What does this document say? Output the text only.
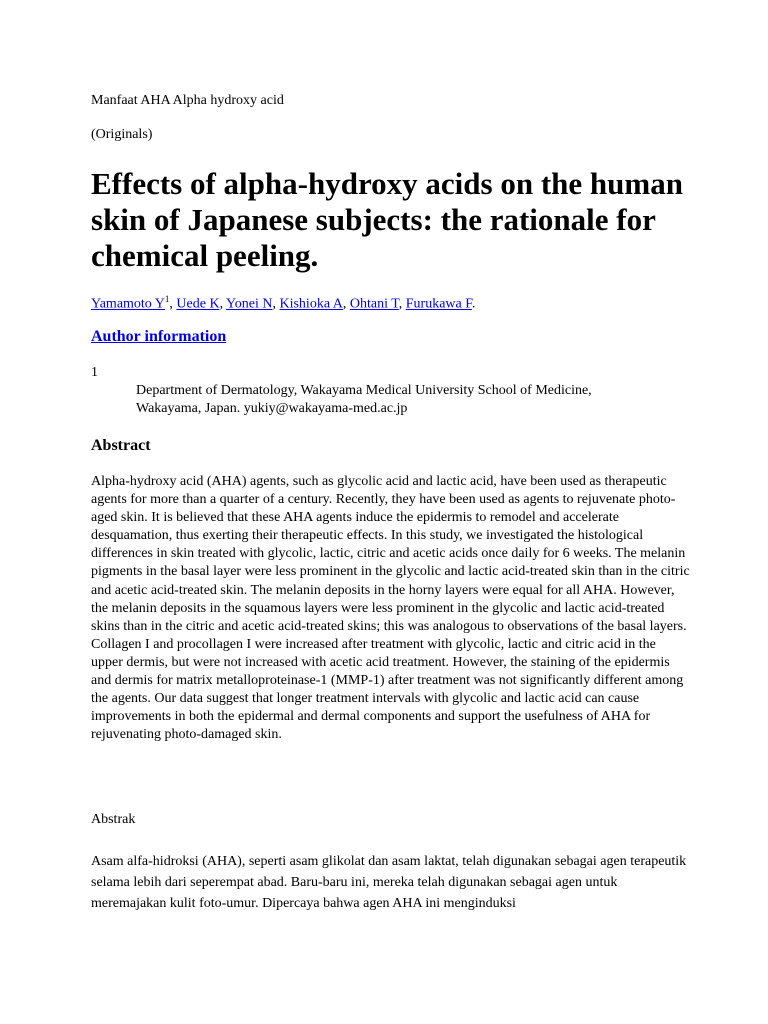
Manfaat AHA Alpha hydroxy acid

(Originals)

Effects of alpha-hydroxy acids on the human skin of Japanese subjects: the rationale for chemical peeling.

Yamamoto $Y^1$, Uede K, Yonei N, Kishioka A, Ohtani T, Furukawa F.

Author information

1

Department of Dermatology, Wakayama Medical University School of Medicine, Wakayama, Japan. yukiy@wakayama-med.ac.jp

Abstract

Alpha-hydroxy acid (AHA) agents, such as glycolic acid and lactic acid, have been used as therapeutic agents for more than a quarter of a century. Recently, they have been used as agents to rejuvenate photo-aged skin. It is believed that these AHA agents induce the epidermis to remodel and accelerate desquamation, thus exerting their therapeutic effects. In this study, we investigated the histological differences in skin treated with glycolic, lactic, citric and acetic acids once daily for 6 weeks. The melanin pigments in the basal layer were less prominent in the glycolic and lactic acid-treated skin than in the citric and acetic acid-treated skin. The melanin deposits in the horny layers were equal for all AHA. However, the melanin deposits in the squamous layers were less prominent in the glycolic and lactic acid-treated skins than in the citric and acetic acid-treated skins; this was analogous to observations of the basal layers. Collagen I and procollagen I were increased after treatment with glycolic, lactic and citric acid in the upper dermis, but were not increased with acetic acid treatment. However, the staining of the epidermis and dermis for matrix metalloproteinase-1 (MMP-1) after treatment was not significantly different among the agents. Our data suggest that longer treatment intervals with glycolic and lactic acid can cause improvements in both the epidermal and dermal components and support the usefulness of AHA for rejuvenating photo-damaged skin.

Abstrak

Asam alfa-hidroksi (AHA), seperti asam glikolat dan asam laktat, telah digunakan sebagai agen terapeutik selama lebih dari seperempat abad. Baru-baru ini, mereka telah digunakan sebagai agen untuk meremajakan kulit foto-umur. Dipercaya bahwa agen AHA ini menginduksi
